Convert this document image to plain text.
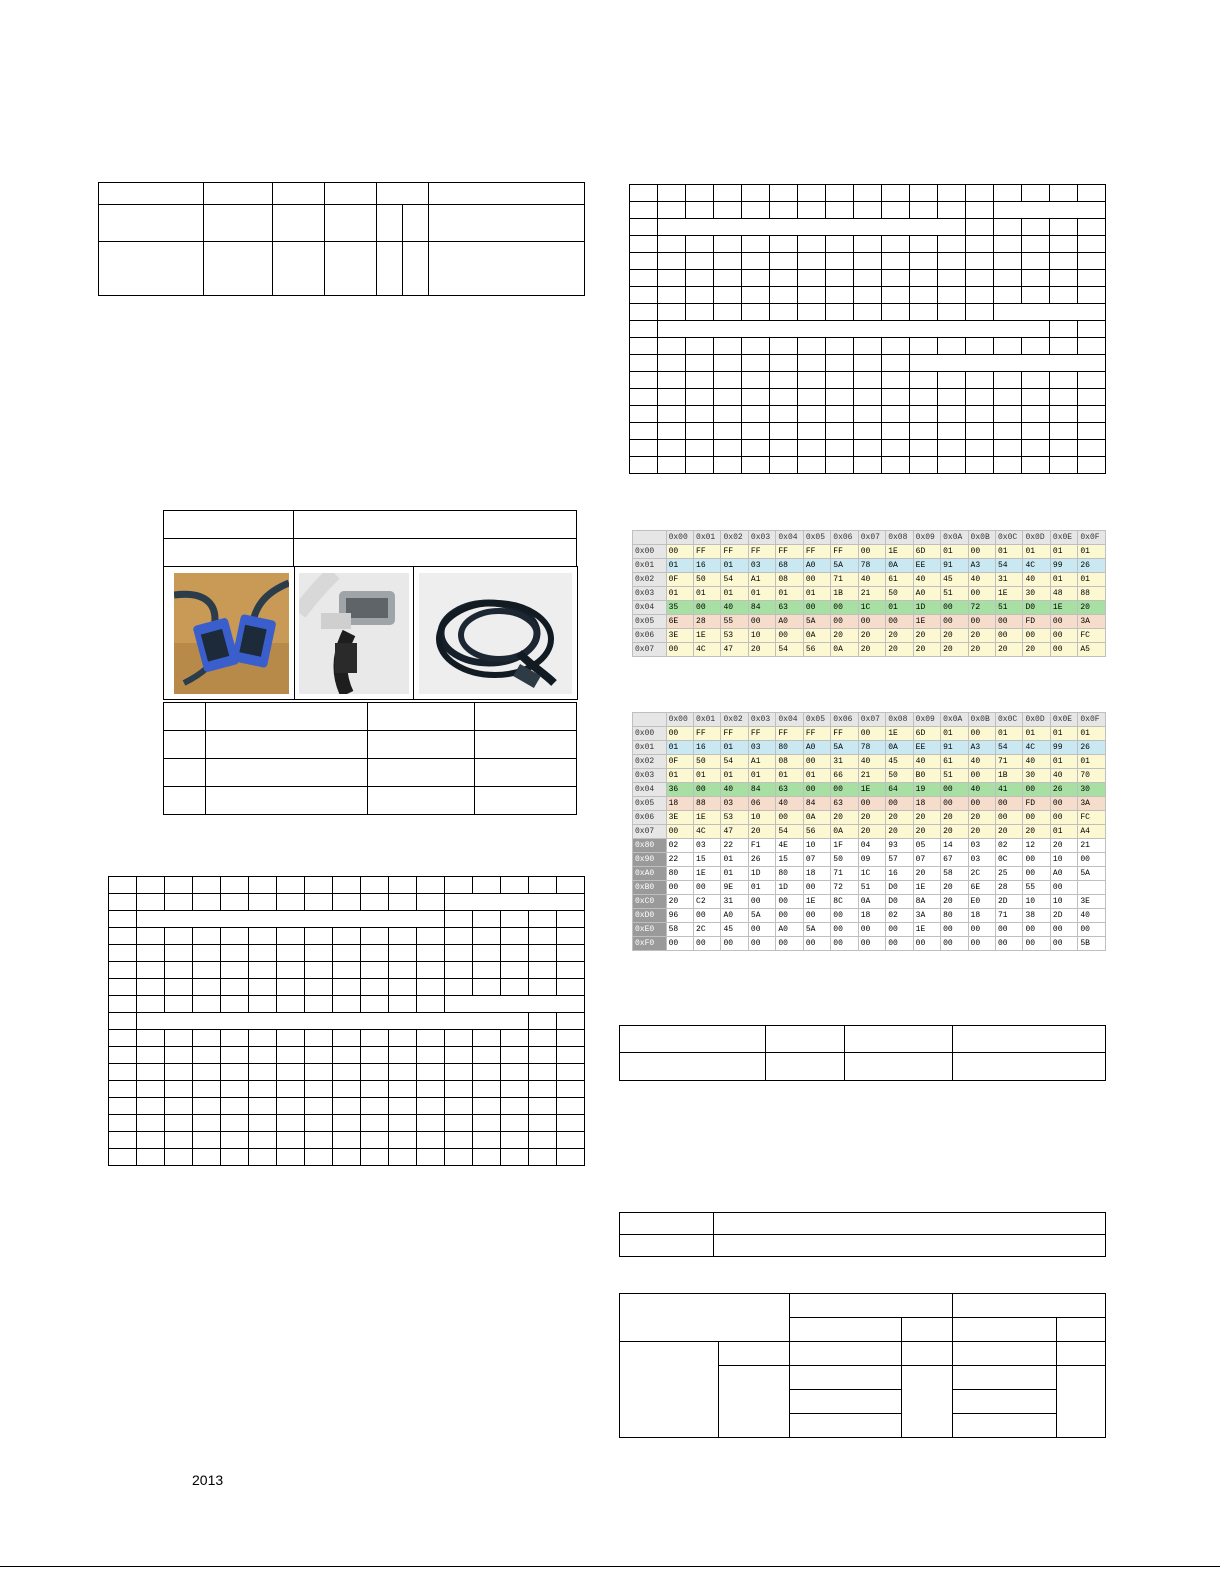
2013

	0x00	0x01	0x02	0x03	0x04	0x05	0x06	0x07	0x08	0x09	0x0A	0x0B	0x0C	0x0D	0x0E	0x0F
0x00	00	FF	FF	FF	FF	FF	FF	00	1E	6D	01	00	01	01	01	01
0x01	01	16	01	03	68	A0	5A	78	0A	EE	91	A3	54	4C	99	26
0x02	0F	50	54	A1	08	00	71	40	61	40	45	40	31	40	01	01
0x03	01	01	01	01	01	01	1B	21	50	A0	51	00	1E	30	48	88
0x04	35	00	40	84	63	00	00	1C	01	1D	00	72	51	D0	1E	20
0x05	6E	28	55	00	A0	5A	00	00	00	1E	00	00	00	FD	00	3A
0x06	3E	1E	53	10	00	0A	20	20	20	20	20	20	00	00	00	FC
0x07	00	4C	47	20	54	56	0A	20	20	20	20	20	20	20	00	A5
	0x00	0x01	0x02	0x03	0x04	0x05	0x06	0x07	0x08	0x09	0x0A	0x0B	0x0C	0x0D	0x0E	0x0F
0x00	00	FF	FF	FF	FF	FF	FF	00	1E	6D	01	00	01	01	01	01
0x01	01	16	01	03	80	A0	5A	78	0A	EE	91	A3	54	4C	99	26
0x02	0F	50	54	A1	08	00	31	40	45	40	61	40	71	40	01	01
0x03	01	01	01	01	01	01	66	21	50	B0	51	00	1B	30	40	70
0x04	36	00	40	84	63	00	00	1E	64	19	00	40	41	00	26	30
0x05	18	88	03	06	40	84	63	00	00	18	00	00	00	FD	00	3A
0x06	3E	1E	53	10	00	0A	20	20	20	20	20	20	00	00	00	FC
0x07	00	4C	47	20	54	56	0A	20	20	20	20	20	20	20	01	A4
0x80	02	03	22	F1	4E	10	1F	04	93	05	14	03	02	12	20	21
0x90	22	15	01	26	15	07	50	09	57	07	67	03	0C	00	10	00
0xA0	80	1E	01	1D	80	18	71	1C	16	20	58	2C	25	00	A0	5A
0xB0	00	00	9E	01	1D	00	72	51	D0	1E	20	6E	28	55	00	
0xC0	20	C2	31	00	00	1E	8C	0A	D0	8A	20	E0	2D	10	10	3E
0xD0	96	00	A0	5A	00	00	00	18	02	3A	80	18	71	38	2D	40
0xE0	58	2C	45	00	A0	5A	00	00	00	1E	00	00	00	00	00	00
0xF0	00	00	00	00	00	00	00	00	00	00	00	00	00	00	00	5B
